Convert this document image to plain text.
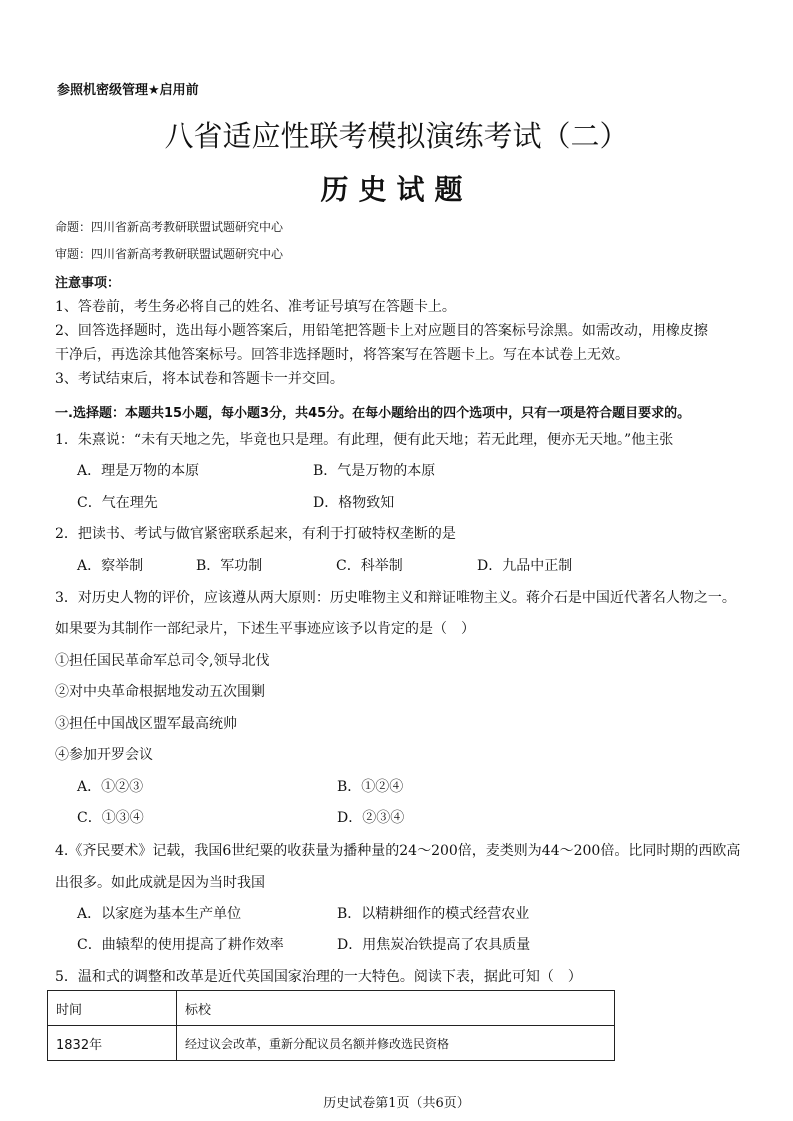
参照机密级管理★启用前
八省适应性联考模拟演练考试（二）
历史试题
命题：四川省新高考教研联盟试题研究中心
审题：四川省新高考教研联盟试题研究中心
注意事项：
1、答卷前，考生务必将自己的姓名、准考证号填写在答题卡上。
2、回答选择题时，选出每小题答案后，用铅笔把答题卡上对应题目的答案标号涂黑。如需改动，用橡皮擦
干净后，再选涂其他答案标号。回答非选择题时，将答案写在答题卡上。写在本试卷上无效。
3、考试结束后，将本试卷和答题卡一并交回。
一.选择题：本题共15小题，每小题3分，共45分。在每小题给出的四个选项中，只有一项是符合题目要求的。
1．朱熹说：“未有天地之先，毕竟也只是理。有此理，便有此天地；若无此理，便亦无天地。”他主张
A．理是万物的本原	B．气是万物的本原
C．气在理先	D．格物致知
2．把读书、考试与做官紧密联系起来，有利于打破特权垄断的是
A．察举制	B．军功制	C．科举制	D．九品中正制
3．对历史人物的评价，应该遵从两大原则：历史唯物主义和辩证唯物主义。蒋介石是中国近代著名人物之一。
如果要为其制作一部纪录片，下述生平事迹应该予以肯定的是（　）
①担任国民革命军总司令,领导北伐
②对中央革命根据地发动五次围剿
③担任中国战区盟军最高统帅
④参加开罗会议
A．①②③	B．①②④
C．①③④	D．②③④
4.《齐民要术》记载，我国6世纪粟的收获量为播种量的24～200倍，麦类则为44～200倍。比同时期的西欧高
出很多。如此成就是因为当时我国
A．以家庭为基本生产单位	B．以精耕细作的模式经营农业
C．曲辕犁的使用提高了耕作效率	D．用焦炭冶铁提高了农具质量
5．温和式的调整和改革是近代英国国家治理的一大特色。阅读下表，据此可知（　）
时间	标校
1832年	经过议会改革，重新分配议员名额并修改选民资格
历史试卷第1页（共6页）
